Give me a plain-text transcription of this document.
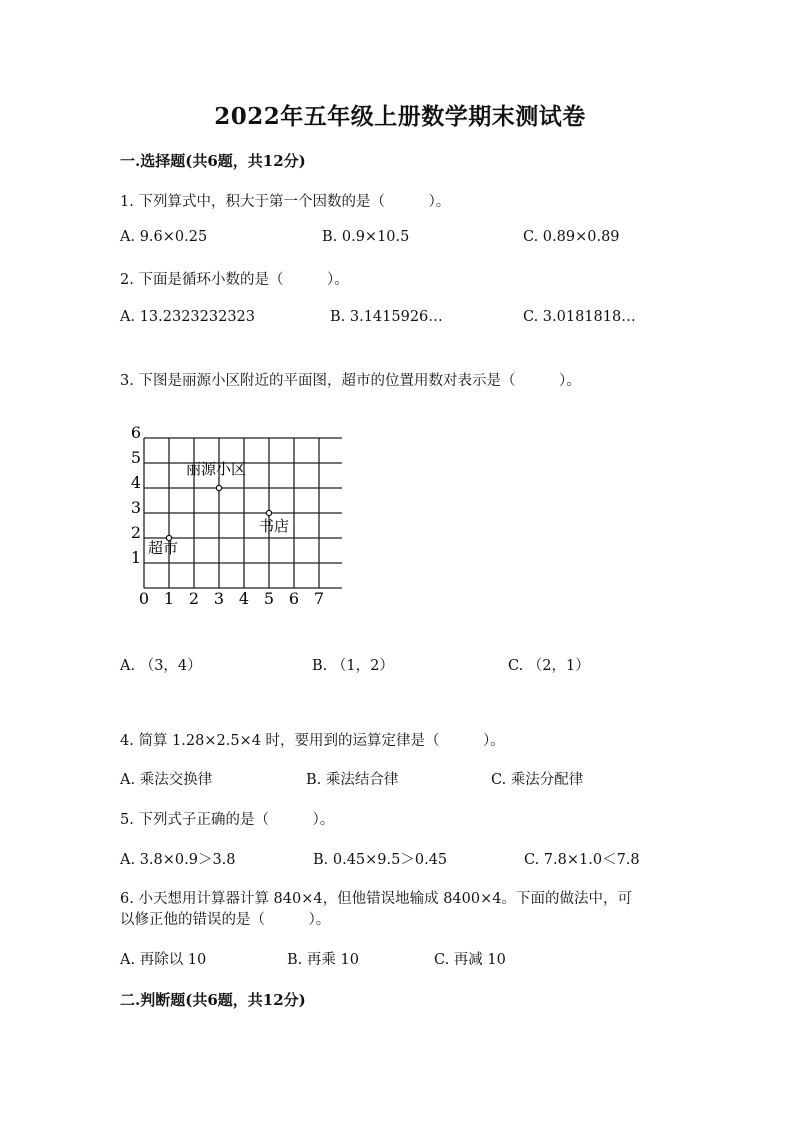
2022年五年级上册数学期末测试卷
一.选择题(共6题，共12分)
1. 下列算式中，积大于第一个因数的是（　　　）。
A. 9.6×0.25	B. 0.9×10.5	C. 0.89×0.89
2. 下面是循环小数的是（　　　）。
A. 13.2323232323	B. 3.1415926…	C. 3.0181818…
3. 下图是丽源小区附近的平面图，超市的位置用数对表示是（　　　）。
1
2
3
4
5
6
0 1 2 3 4 5 6 7
丽源小区
书店
超市
A. （3，4）	B. （1，2）	C. （2，1）
4. 简算 1.28×2.5×4 时，要用到的运算定律是（　　　）。
A. 乘法交换律	B. 乘法结合律	C. 乘法分配律
5. 下列式子正确的是（　　　）。
A. 3.8×0.9＞3.8	B. 0.45×9.5＞0.45	C. 7.8×1.0＜7.8
6. 小天想用计算器计算 840×4，但他错误地输成 8400×4。下面的做法中，可
以修正他的错误的是（　　　）。
A. 再除以 10	B. 再乘 10	C. 再减 10
二.判断题(共6题，共12分)
